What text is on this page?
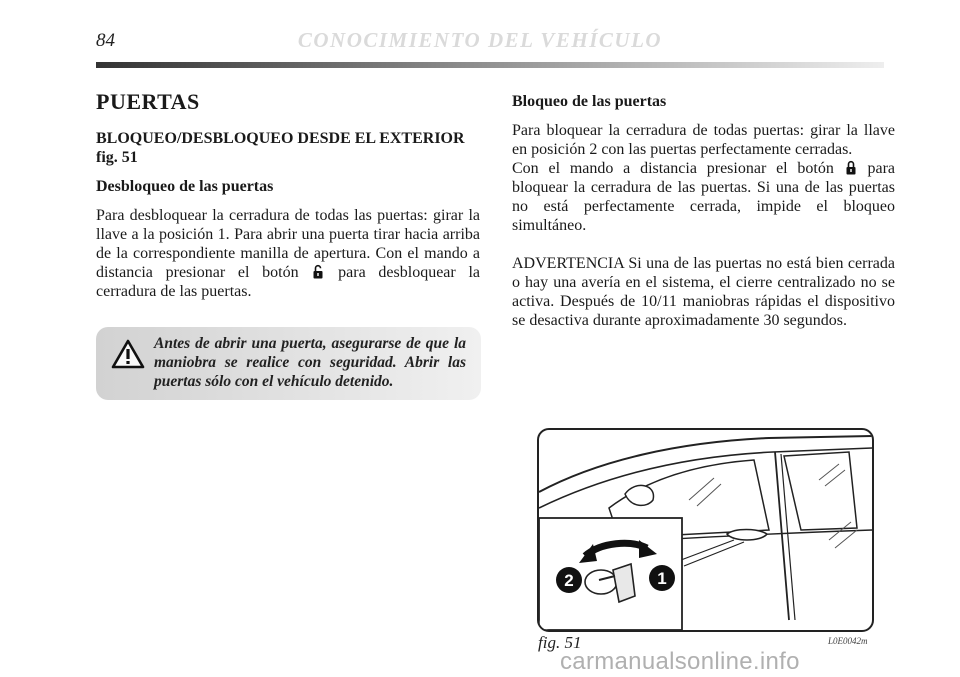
84	CONOCIMIENTO DEL VEHÍCULO
PUERTAS
BLOQUEO/DESBLOQUEO DESDE EL EXTERIOR fig. 51
Desbloqueo de las puertas

Para desbloquear la cerradura de todas las puertas: girar la llave a la posición 1. Para abrir una puerta tirar hacia arriba de la correspondiente manilla de apertura. Con el mando a distancia presionar el botón para desbloquear la cerradura de las puertas.

Antes de abrir una puerta, asegurarse de que la maniobra se realice con seguridad. Abrir las puertas sólo con el vehículo detenido.
Bloqueo de las puertas

Para bloquear la cerradura de todas puertas: girar la llave en posición 2 con las puertas perfectamente cerradas.

Con el mando a distancia presionar el botón para bloquear la cerradura de las puertas. Si una de las puertas no está perfectamente cerrada, impide el bloqueo simultáneo.

ADVERTENCIA Si una de las puertas no está bien cerrada o hay una avería en el sistema, el cierre centralizado no se activa. Después de 10/11 maniobras rápidas el dispositivo se desactiva durante aproximadamente 30 segundos.

2	1
fig. 51	L0E0042m
carmanualsonline.info
